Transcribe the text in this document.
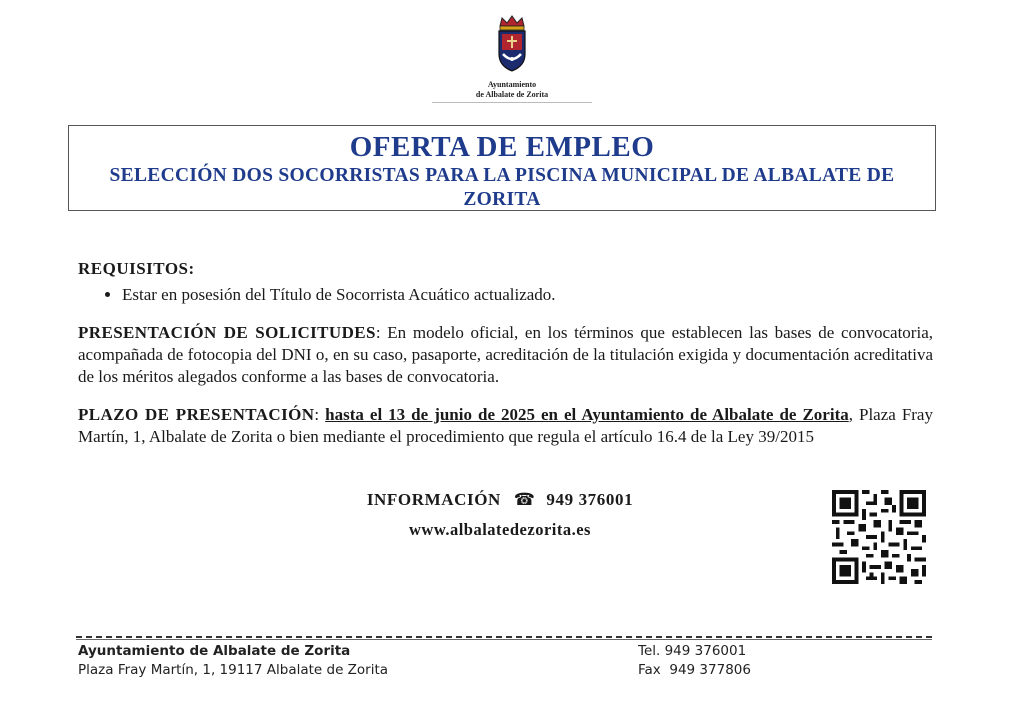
Ayuntamiento
de Albalate de Zorita
OFERTA DE EMPLEO
SELECCIÓN DOS SOCORRISTAS PARA LA PISCINA MUNICIPAL DE ALBALATE DE ZORITA
REQUISITOS:
• Estar en posesión del Título de Socorrista Acuático actualizado.
PRESENTACIÓN DE SOLICITUDES: En modelo oficial, en los términos que establecen las bases de convocatoria, acompañada de fotocopia del DNI o, en su caso, pasaporte, acreditación de la titulación exigida y documentación acreditativa de los méritos alegados conforme a las bases de convocatoria.
PLAZO DE PRESENTACIÓN: hasta el 13 de junio de 2025 en el Ayuntamiento de Albalate de Zorita, Plaza Fray Martín, 1, Albalate de Zorita o bien mediante el procedimiento que regula el artículo 16.4 de la Ley 39/2015
INFORMACIÓN ☎ 949 376001
www.albalatedezorita.es
Ayuntamiento de Albalate de Zorita
Plaza Fray Martín, 1, 19117 Albalate de Zorita
Tel. 949 376001
Fax  949 377806
